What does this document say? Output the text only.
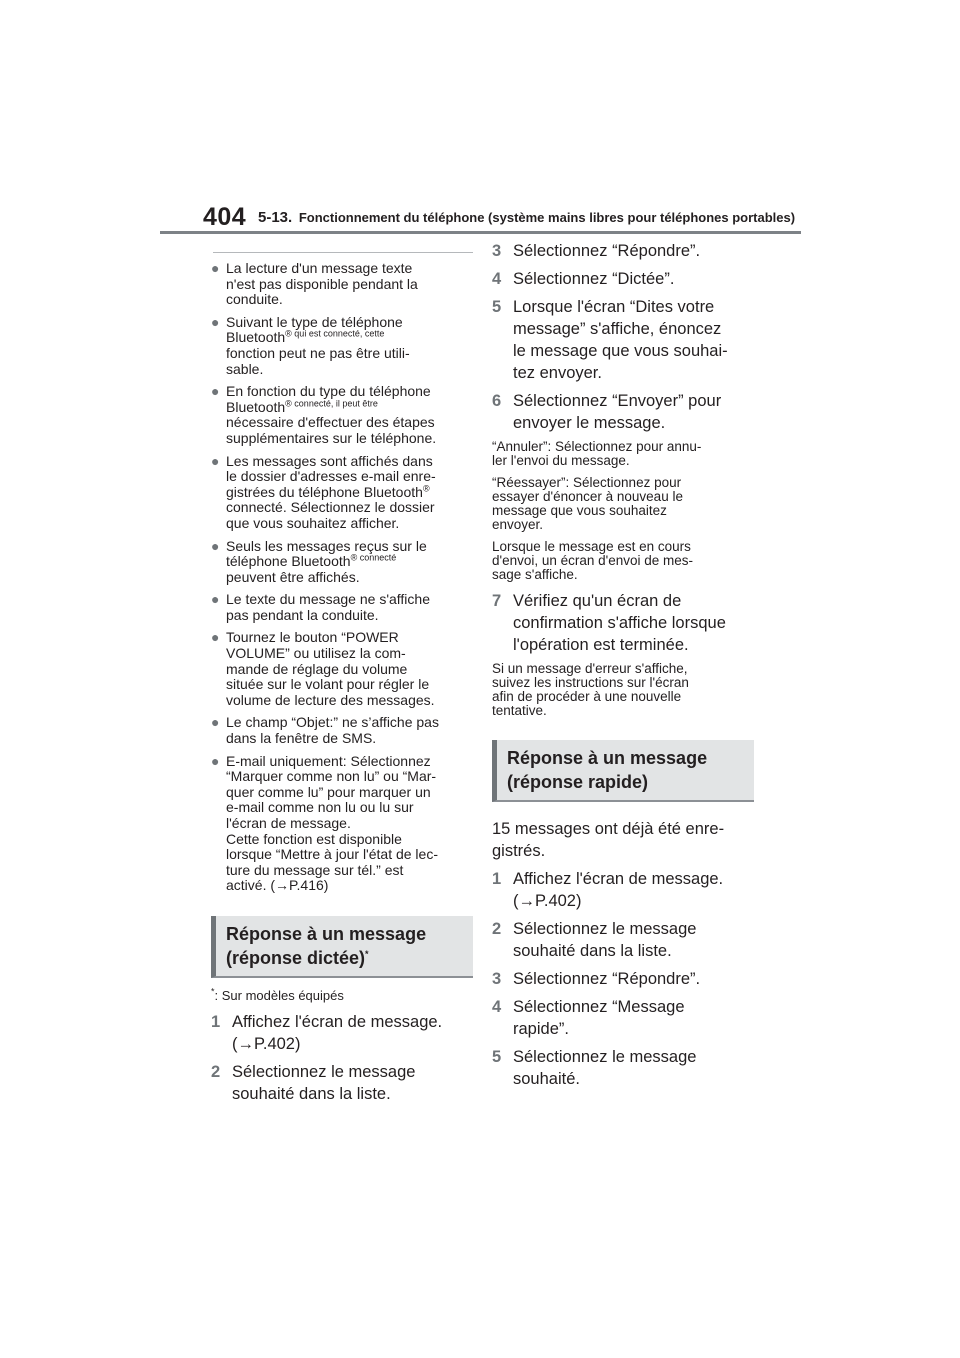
404 5-13. Fonctionnement du téléphone (système mains libres pour téléphones portables)
● La lecture d'un message texte
n'est pas disponible pendant la
conduite.
● Suivant le type de téléphone
Bluetooth$^{® qui est connecté, cette}$
fonction peut ne pas être utili-
sable.
● En fonction du type du téléphone
Bluetooth$^{® connecté, il peut être}$
nécessaire d'effectuer des étapes
supplémentaires sur le téléphone.
● Les messages sont affichés dans
le dossier d'adresses e-mail enre-
gistrées du téléphone Bluetooth®
connecté. Sélectionnez le dossier
que vous souhaitez afficher.
● Seuls les messages reçus sur le
téléphone Bluetooth$^{® connecté}$
peuvent être affichés.
● Le texte du message ne s'affiche
pas pendant la conduite.
● Tournez le bouton “POWER
VOLUME” ou utilisez la com-
mande de réglage du volume
située sur le volant pour régler le
volume de lecture des messages.
● Le champ “Objet:” ne s’affiche pas
dans la fenêtre de SMS.
● E-mail uniquement: Sélectionnez
“Marquer comme non lu” ou “Mar-
quer comme lu” pour marquer un
e-mail comme non lu ou lu sur
l'écran de message.
Cette fonction est disponible
lorsque “Mettre à jour l'état de lec-
ture du message sur tél.” est
activé. (→P.416)
Réponse à un message
(réponse dictée)*
*: Sur modèles équipés
1 Affichez l'écran de message.
(→P.402)
2 Sélectionnez le message
souhaité dans la liste.
3 Sélectionnez “Répondre”.
4 Sélectionnez “Dictée”.
5 Lorsque l'écran “Dites votre
message” s'affiche, énoncez
le message que vous souhai-
tez envoyer.
6 Sélectionnez “Envoyer” pour
envoyer le message.
“Annuler”: Sélectionnez pour annu-
ler l'envoi du message.
“Réessayer”: Sélectionnez pour
essayer d'énoncer à nouveau le
message que vous souhaitez
envoyer.
Lorsque le message est en cours
d'envoi, un écran d'envoi de mes-
sage s'affiche.
7 Vérifiez qu'un écran de
confirmation s'affiche lorsque
l'opération est terminée.
Si un message d'erreur s'affiche,
suivez les instructions sur l'écran
afin de procéder à une nouvelle
tentative.
Réponse à un message
(réponse rapide)
15 messages ont déjà été enre-
gistrés.
1 Affichez l'écran de message.
(→P.402)
2 Sélectionnez le message
souhaité dans la liste.
3 Sélectionnez “Répondre”.
4 Sélectionnez “Message
rapide”.
5 Sélectionnez le message
souhaité.
